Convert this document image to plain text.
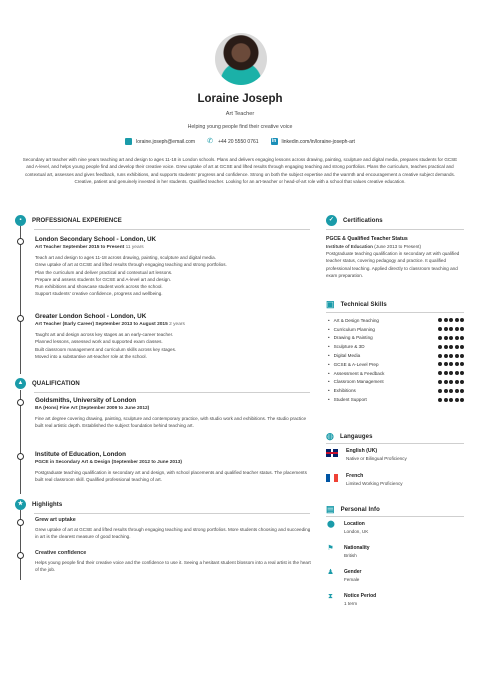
Loraine Joseph
Art Teacher
Helping young people find their creative voice
loraine.joseph@email.com ✆ +44 20 5550 0761	in linkedin.com/in/loraine-joseph-art
Secondary art teacher with nine years teaching art and design to ages 11-18 in London schools. Plans and delivers engaging lessons across drawing, painting, sculpture and digital media, prepares students for GCSE and A-level, and helps young people find and develop their creative voice. Grew uptake of art at GCSE and lifted results through engaging teaching and strong portfolios. Plans the curriculum, teaches practical and contextual art, assesses and gives feedback, runs exhibitions, and supports students' progress and confidence. Strong on both the subject expertise and the warmth and encouragement a creative subject demands. Creative, patient and genuinely invested in her students. Qualified teacher. Looking for an art-teacher or head-of-art role with a school that values creative education.
▪	PROFESSIONAL EXPERIENCE
London Secondary School - London, UK
Art Teacher September 2015 to Present 11 years
Teach art and design to ages 11-18 across drawing, painting, sculpture and digital media.
Grew uptake of art at GCSE and lifted results through engaging teaching and strong portfolios.
Plan the curriculum and deliver practical and contextual art lessons.
Prepare and assess students for GCSE and A-level art and design.
Run exhibitions and showcase student work across the school.
Support students' creative confidence, progress and wellbeing.
Greater London School - London, UK
Art Teacher (Early Career) September 2013 to August 2015 2 years
Taught art and design across key stages as an early-career teacher.
Planned lessons, assessed work and supported exam classes.
Built classroom management and curriculum skills across key stages.
Moved into a substantive art-teacher role at the school.
▲	QUALIFICATION
Goldsmiths, University of London
BA (Hons) Fine Art (September 2009 to June 2012)
Fine art degree covering drawing, painting, sculpture and contemporary practice, with studio work and exhibitions. The studio practice built real artistic depth. Established the subject foundation behind teaching art.
Institute of Education, London
PGCE in Secondary Art & Design (September 2012 to June 2013)
Postgraduate teaching qualification in secondary art and design, with school placements and qualified teacher status. The placements built real classroom skill. Qualified professional teaching of art.
★	Highlights
Grew art uptake
Grew uptake of art at GCSE and lifted results through engaging teaching and strong portfolios. More students choosing and succeeding in art is the clearest measure of good teaching.
Creative confidence
Helps young people find their creative voice and the confidence to use it. Seeing a hesitant student blossom into a real artist is the heart of the job.
✓	Certifications
PGCE & Qualified Teacher Status
Institute of Education (June 2013 to Present)
Postgraduate teaching qualification in secondary art with qualified teacher status, covering pedagogy and practice. It qualified professional teaching. Applied directly to classroom teaching and exam preparation.
▣ Technical Skills
• Art & Design Teaching
• Curriculum Planning
• Drawing & Painting
• Sculpture & 3D
• Digital Media
• GCSE & A-Level Prep
• Assessment & Feedback
• Classroom Management
• Exhibitions
• Student Support
◍ Langauges
English (UK)
Native or Bilingual Proficiency
French
Limited Working Proficiency
▤ Personal Info
⬤ Location
London, UK
⚑ Nationality
British
♟ Gender
Female
⧗ Notice Period
1 term
